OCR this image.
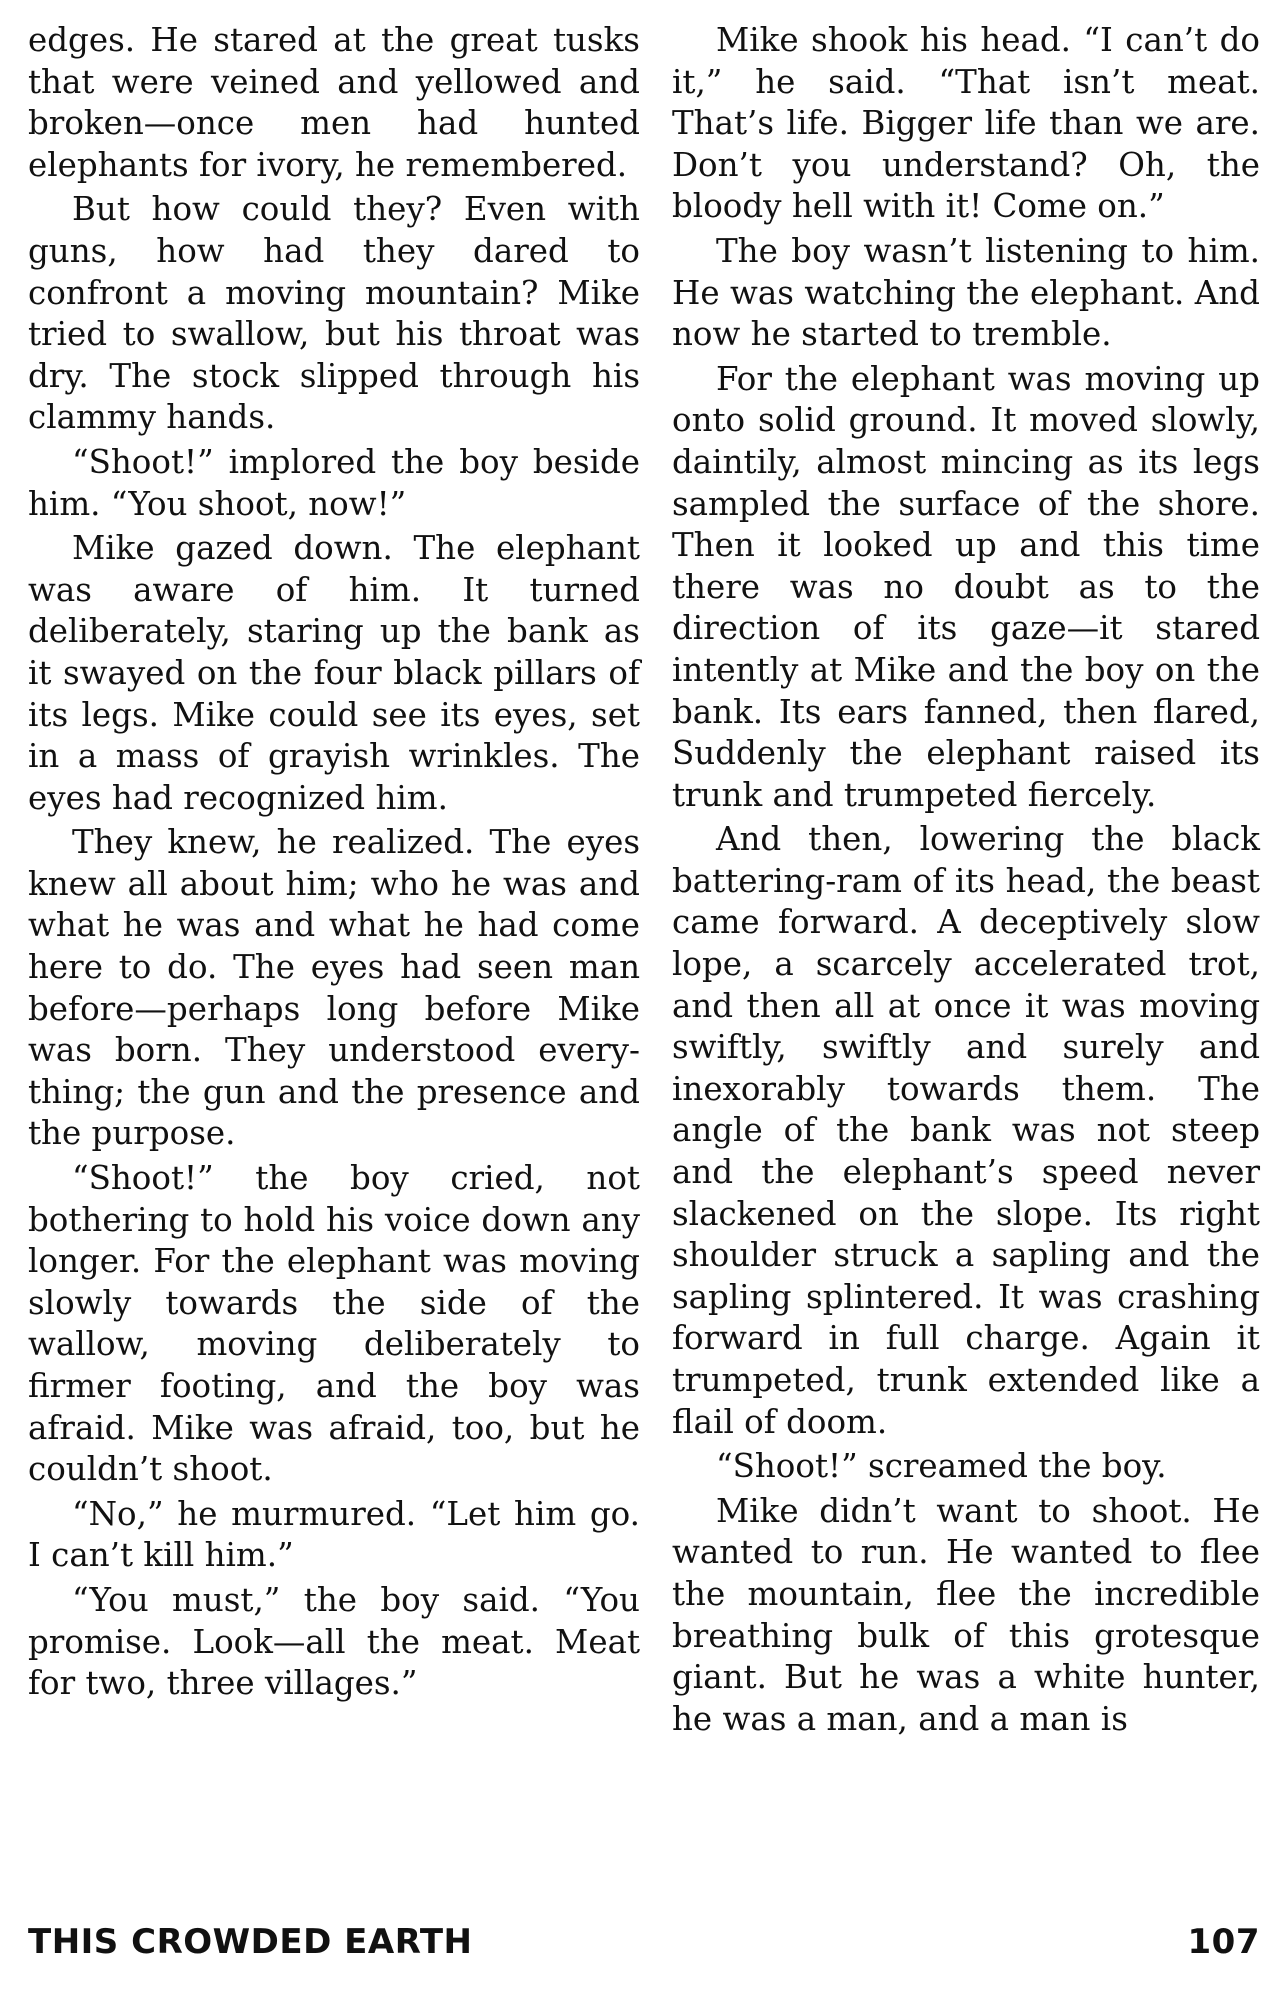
edges. He stared at the great tusks that were veined and yellowed and broken—once men had hunted elephants for ivory, he remembered.

But how could they? Even with guns, how had they dared to confront a moving mountain? Mike tried to swallow, but his throat was dry. The stock slipped through his clammy hands.

“Shoot!” implored the boy beside him. “You shoot, now!”

Mike gazed down. The elephant was aware of him. It turned deliberately, staring up the bank as it swayed on the four black pillars of its legs. Mike could see its eyes, set in a mass of grayish wrinkles. The eyes had recognized him.

They knew, he realized. The eyes knew all about him; who he was and what he was and what he had come here to do. The eyes had seen man before—perhaps long before Mike was born. They understood everything; the gun and the presence and the purpose.

“Shoot!” the boy cried, not bothering to hold his voice down any longer. For the elephant was moving slowly towards the side of the wallow, moving deliberately to firmer footing, and the boy was afraid. Mike was afraid, too, but he couldn’t shoot.

“No,” he murmured. “Let him go. I can’t kill him.”

“You must,” the boy said. “You promise. Look—all the meat. Meat for two, three villages.”

Mike shook his head. “I can’t do it,” he said. “That isn’t meat. That’s life. Bigger life than we are. Don’t you understand? Oh, the bloody hell with it! Come on.”

The boy wasn’t listening to him. He was watching the elephant. And now he started to tremble.

For the elephant was moving up onto solid ground. It moved slowly, daintily, almost mincing as its legs sampled the surface of the shore. Then it looked up and this time there was no doubt as to the direction of its gaze—it stared intently at Mike and the boy on the bank. Its ears fanned, then flared, Suddenly the elephant raised its trunk and trumpeted fiercely.

And then, lowering the black battering-ram of its head, the beast came forward. A deceptively slow lope, a scarcely accelerated trot, and then all at once it was moving swiftly, swiftly and surely and inexorably towards them. The angle of the bank was not steep and the elephant’s speed never slackened on the slope. Its right shoulder struck a sapling and the sapling splintered. It was crashing forward in full charge. Again it trumpeted, trunk extended like a flail of doom.

“Shoot!” screamed the boy.

Mike didn’t want to shoot. He wanted to run. He wanted to flee the mountain, flee the incredible breathing bulk of this grotesque giant. But he was a white hunter, he was a man, and a man is

THIS CROWDED EARTH	107
